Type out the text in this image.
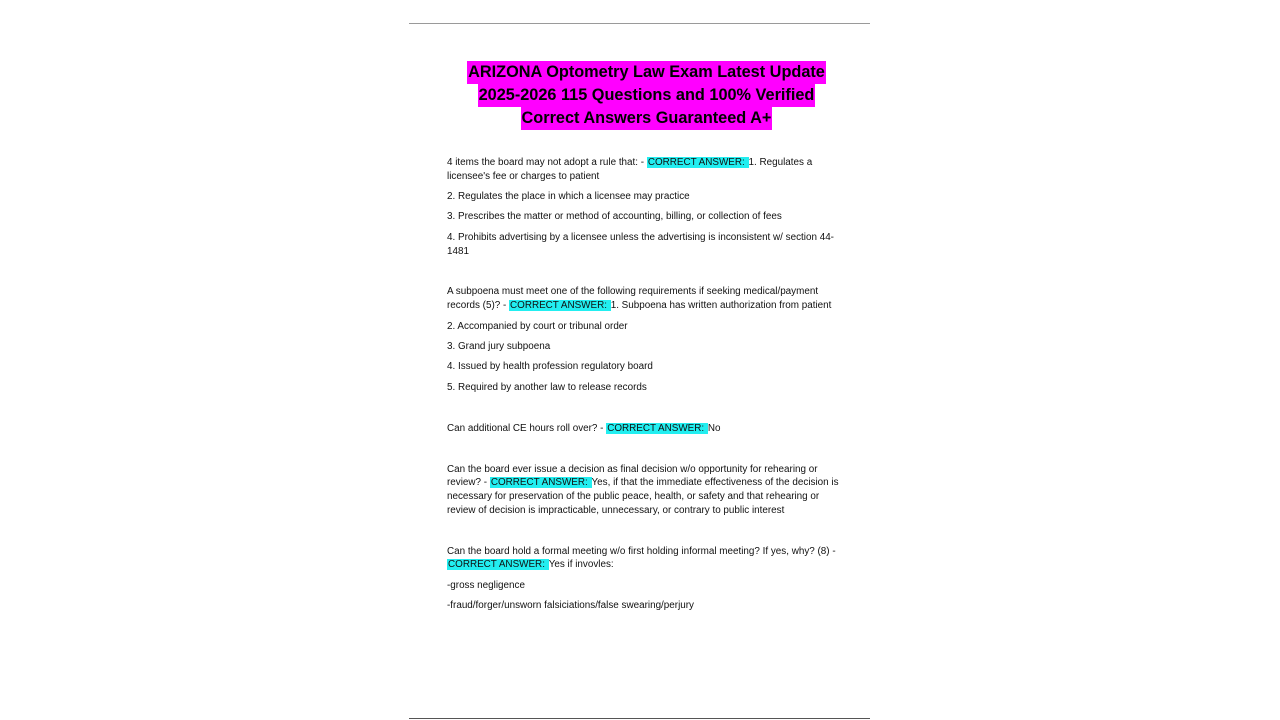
ARIZONA Optometry Law Exam Latest Update
2025-2026 115 Questions and 100% Verified
Correct Answers Guaranteed A+

4 items the board may not adopt a rule that: - CORRECT ANSWER: 1. Regulates a licensee's fee or charges to patient

2. Regulates the place in which a licensee may practice

3. Prescribes the matter or method of accounting, billing, or collection of fees

4. Prohibits advertising by a licensee unless the advertising is inconsistent w/ section 44-1481

A subpoena must meet one of the following requirements if seeking medical/payment records (5)? - CORRECT ANSWER: 1. Subpoena has written authorization from patient

2. Accompanied by court or tribunal order

3. Grand jury subpoena

4. Issued by health profession regulatory board

5. Required by another law to release records

Can additional CE hours roll over? - CORRECT ANSWER: No

Can the board ever issue a decision as final decision w/o opportunity for rehearing or review? - CORRECT ANSWER: Yes, if that the immediate effectiveness of the decision is necessary for preservation of the public peace, health, or safety and that rehearing or review of decision is impracticable, unnecessary, or contrary to public interest

Can the board hold a formal meeting w/o first holding informal meeting? If yes, why? (8) - CORRECT ANSWER: Yes if invovles:

-gross negligence

-fraud/forger/unsworn falsiciations/false swearing/perjury
